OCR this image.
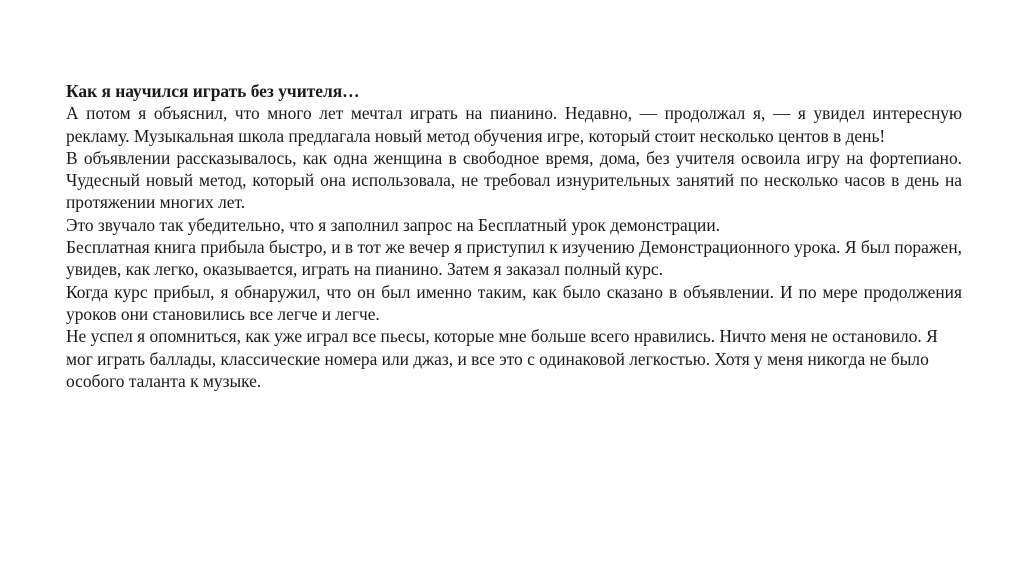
Как я научился играть без учителя…

А потом я объяснил, что много лет мечтал играть на пианино. Недавно, — продолжал я, — я увидел интересную рекламу. Музыкальная школа предлагала новый метод обучения игре, который стоит несколько центов в день!

В объявлении рассказывалось, как одна женщина в свободное время, дома, без учителя освоила игру на фортепиано. Чудесный новый метод, который она использовала, не требовал изнурительных занятий по несколько часов в день на протяжении многих лет.

Это звучало так убедительно, что я заполнил запрос на Бесплатный урок демонстрации.

Бесплатная книга прибыла быстро, и в тот же вечер я приступил к изучению Демонстрационного урока. Я был поражен, увидев, как легко, оказывается, играть на пианино. Затем я заказал полный курс.

Когда курс прибыл, я обнаружил, что он был именно таким, как было сказано в объявлении. И по мере продолжения уроков они становились все легче и легче.

Не успел я опомниться, как уже играл все пьесы, которые мне больше всего нравились. Ничто меня не остановило. Я мог играть баллады, классические номера или джаз, и все это с одинаковой легкостью. Хотя у меня никогда не было особого таланта к музыке.
